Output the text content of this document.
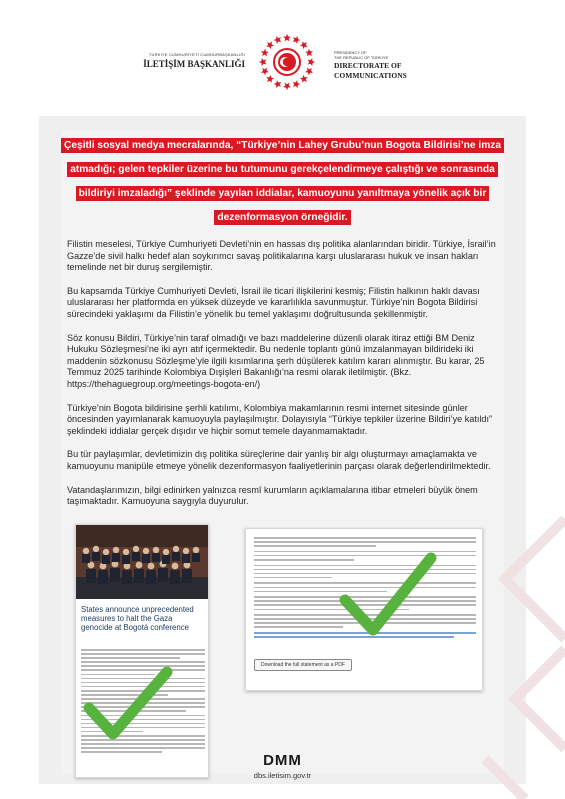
TÜRKİYE CUMHURİYETİ CUMHURBAŞKANLIĞI
İLETİŞİM BAŞKANLIĞI
PRESIDENCY OF
THE REPUBLIC OF TÜRKİYE
DIRECTORATE OF
COMMUNICATIONS
Çeşitli sosyal medya mecralarında, “Türkiye’nin Lahey Grubu’nun Bogota Bildirisi’ne imza atmadığı; gelen tepkiler üzerine bu tutumunu gerekçelendirmeye çalıştığı ve sonrasında bildiriyi imzaladığı” şeklinde yayılan iddialar, kamuoyunu yanıltmaya yönelik açık bir dezenformasyon örneğidir.

Filistin meselesi, Türkiye Cumhuriyeti Devleti’nin en hassas dış politika alanlarından biridir. Türkiye, İsrail’in Gazze’de sivil halkı hedef alan soykırımcı savaş politikalarına karşı uluslararası hukuk ve insan hakları temelinde net bir duruş sergilemiştir.

Bu kapsamda Türkiye Cumhuriyeti Devleti, İsrail ile ticari ilişkilerini kesmiş; Filistin halkının haklı davası uluslararası her platformda en yüksek düzeyde ve kararlılıkla savunmuştur. Türkiye’nin Bogota Bildirisi sürecindeki yaklaşımı da Filistin’e yönelik bu temel yaklaşımı doğrultusunda şekillenmiştir.

Söz konusu Bildiri, Türkiye’nin taraf olmadığı ve bazı maddelerine düzenli olarak itiraz ettiği BM Deniz Hukuku Sözleşmesi’ne iki ayrı atıf içermektedir. Bu nedenle toplantı günü imzalanmayan bildirideki iki maddenin sözkonusu Sözleşme’yle ilgili kısımlarına şerh düşülerek katılım kararı alınmıştır. Bu karar, 25 Temmuz 2025 tarihinde Kolombiya Dışişleri Bakanlığı’na resmi olarak iletilmiştir. (Bkz. https://thehaguegroup.org/meetings-bogota-en/)

Türkiye’nin Bogota bildirisine şerhli katılımı, Kolombiya makamlarının resmi internet sitesinde günler öncesinden yayımlanarak kamuoyuyla paylaşılmıştır. Dolayısıyla “Türkiye tepkiler üzerine Bildiri’ye katıldı” şeklindeki iddialar gerçek dışıdır ve hiçbir somut temele dayanmamaktadır.

Bu tür paylaşımlar, devletimizin dış politika süreçlerine dair yanlış bir algı oluşturmayı amaçlamakta ve kamuoyunu manipüle etmeye yönelik dezenformasyon faaliyetlerinin parçası olarak değerlendirilmektedir.

Vatandaşlarımızın, bilgi edinirken yalnızca resmî kurumların açıklamalarına itibar etmeleri büyük önem taşımaktadır. Kamuoyuna saygıyla duyurulur.

States announce unprecedented measures to halt the Gaza genocide at Bogotá conference
Download the full statement as a PDF
DMM
dbs.iletisim.gov.tr
